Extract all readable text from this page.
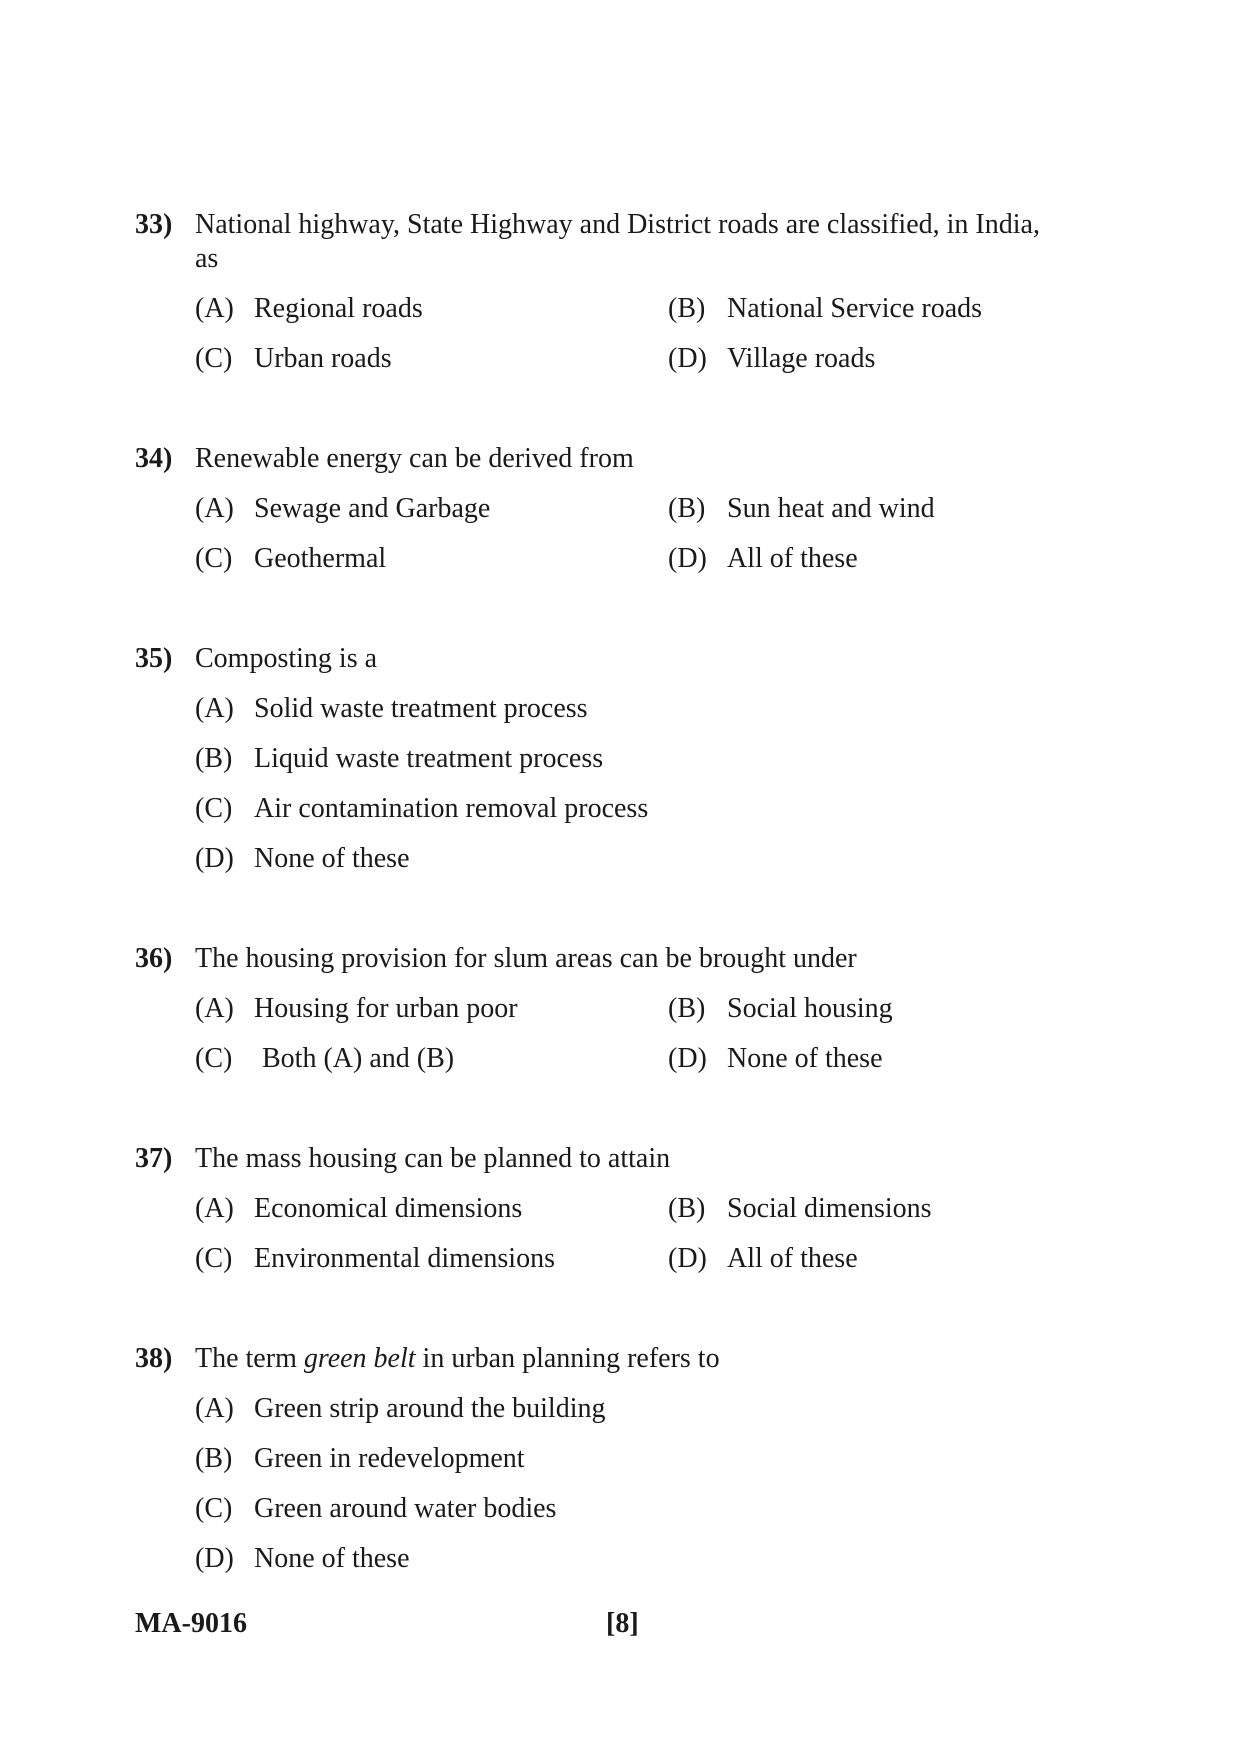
33) National highway, State Highway and District roads are classified, in India,
as
(A) Regional roads	(B) National Service roads
(C) Urban roads	(D) Village roads
34) Renewable energy can be derived from
(A) Sewage and Garbage	(B) Sun heat and wind
(C) Geothermal	(D) All of these
35) Composting is a
(A) Solid waste treatment process
(B) Liquid waste treatment process
(C) Air contamination removal process
(D) None of these
36) The housing provision for slum areas can be brought under
(A) Housing for urban poor	(B) Social housing
(C) Both (A) and (B)	(D) None of these
37) The mass housing can be planned to attain
(A) Economical dimensions	(B) Social dimensions
(C) Environmental dimensions	(D) All of these
38) The term green belt in urban planning refers to
(A) Green strip around the building
(B) Green in redevelopment
(C) Green around water bodies
(D) None of these
MA-9016	[8]
